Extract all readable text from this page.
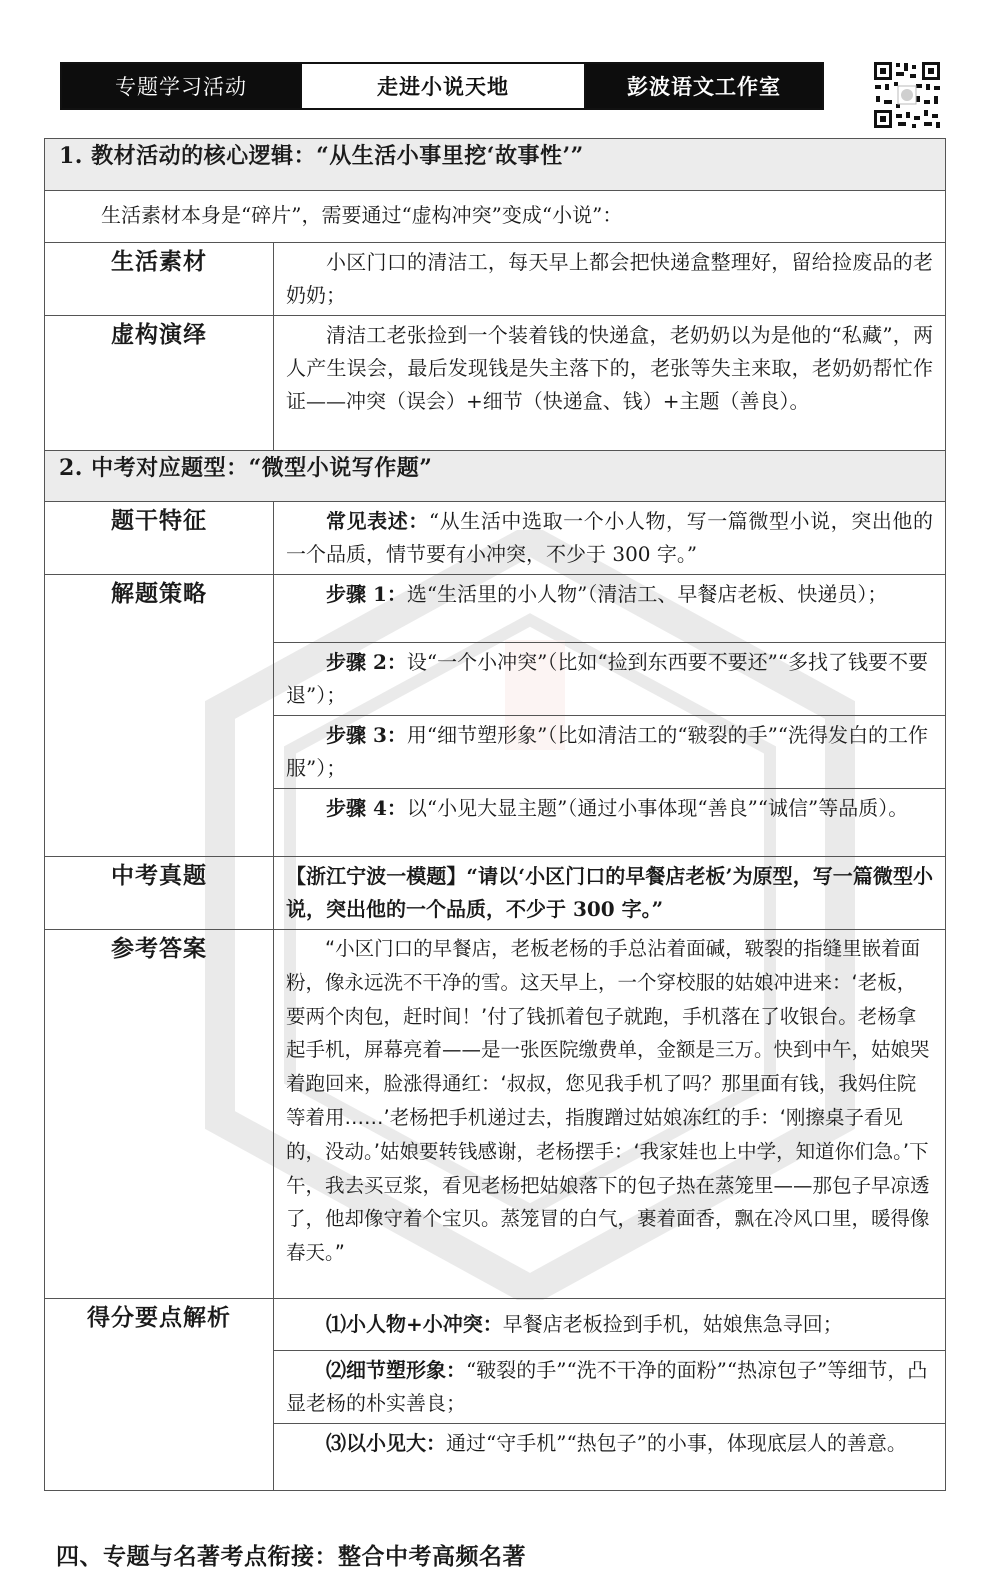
专题学习活动	走进小说天地	彭波语文工作室
1. 教材活动的核心逻辑：“从生活小事里挖‘故事性’”	
生活素材本身是“碎片”，需要通过“虚构冲突”变成“小说”：	
生活素材	小区门口的清洁工，每天早上都会把快递盒整理好，留给捡废品的老奶奶；

虚构演绎	清洁工老张捡到一个装着钱的快递盒，老奶奶以为是他的“私藏”，两人产生误会，最后发现钱是失主落下的，老张等失主来取，老奶奶帮忙作证——冲突（误会）+细节（快递盒、钱）+主题（善良）。

2. 中考对应题型：“微型小说写作题”	
题干特征	常见表述：“从生活中选取一个小人物，写一篇微型小说，突出他的一个品质，情节要有小冲突，不少于 300 字。”

解题策略	步骤 1：选“生活里的小人物”（清洁工、早餐店老板、快递员）；

	步骤 2：设“一个小冲突”（比如“捡到东西要不要还”“多找了钱要不要退”）；

	步骤 3：用“细节塑形象”（比如清洁工的“皲裂的手”“洗得发白的工作服”）；

	步骤 4：以“小见大显主题”（通过小事体现“善良”“诚信”等品质）。

中考真题	【浙江宁波一模题】“请以‘小区门口的早餐店老板’为原型，写一篇微型小说，突出他的一个品质，不少于 300 字。”
参考答案	“小区门口的早餐店，老板老杨的手总沾着面碱，皲裂的指缝里嵌着面粉，像永远洗不干净的雪。这天早上，一个穿校服的姑娘冲进来：‘老板，要两个肉包，赶时间！’付了钱抓着包子就跑，手机落在了收银台。老杨拿起手机，屏幕亮着——是一张医院缴费单，金额是三万。快到中午，姑娘哭着跑回来，脸涨得通红：‘叔叔，您见我手机了吗？那里面有钱，我妈住院等着用……’老杨把手机递过去，指腹蹭过姑娘冻红的手：‘刚擦桌子看见的，没动。’姑娘要转钱感谢，老杨摆手：‘我家娃也上中学，知道你们急。’下午，我去买豆浆，看见老杨把姑娘落下的包子热在蒸笼里——那包子早凉透了，他却像守着个宝贝。蒸笼冒的白气，裹着面香，飘在冷风口里，暖得像春天。”

得分要点解析	⑴小人物+小冲突：早餐店老板捡到手机，姑娘焦急寻回；

	⑵细节塑形象：“皲裂的手”“洗不干净的面粉”“热凉包子”等细节，凸显老杨的朴实善良；

	⑶以小见大：通过“守手机”“热包子”的小事，体现底层人的善意。
四、专题与名著考点衔接：整合中考高频名著
